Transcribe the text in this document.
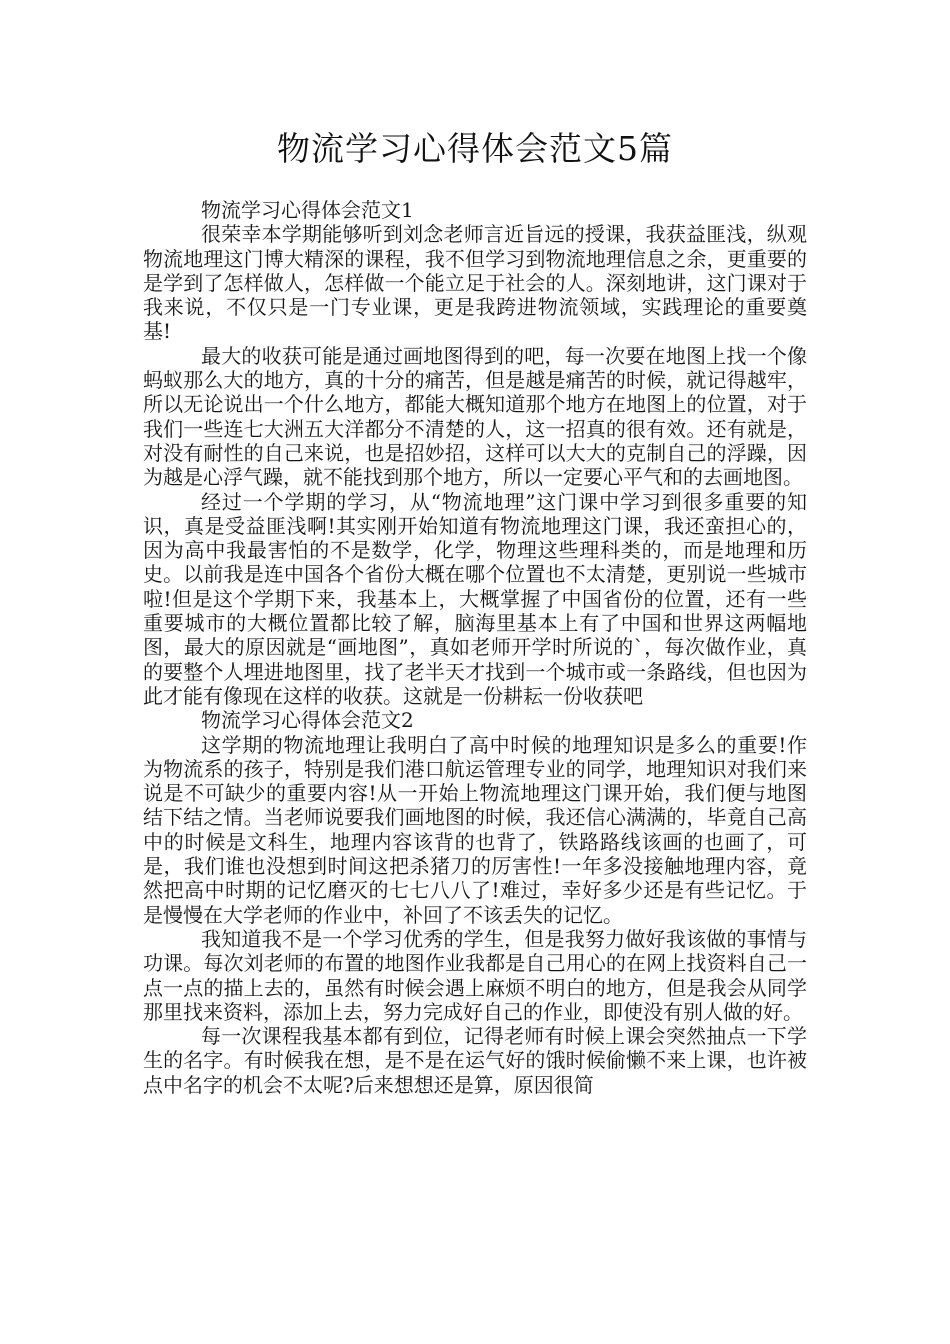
物流学习心得体会范文5篇

物流学习心得体会范文1

很荣幸本学期能够听到刘念老师言近旨远的授课，我获益匪浅，纵观物流地理这门博大精深的课程，我不但学习到物流地理信息之余，更重要的是学到了怎样做人，怎样做一个能立足于社会的人。深刻地讲，这门课对于我来说，不仅只是一门专业课，更是我跨进物流领域，实践理论的重要奠基!

最大的收获可能是通过画地图得到的吧，每一次要在地图上找一个像蚂蚁那么大的地方，真的十分的痛苦，但是越是痛苦的时候，就记得越牢，所以无论说出一个什么地方，都能大概知道那个地方在地图上的位置，对于我们一些连七大洲五大洋都分不清楚的人，这一招真的很有效。还有就是，对没有耐性的自己来说，也是招妙招，这样可以大大的克制自己的浮躁，因为越是心浮气躁，就不能找到那个地方，所以一定要心平气和的去画地图。

经过一个学期的学习，从“物流地理”这门课中学习到很多重要的知识，真是受益匪浅啊!其实刚开始知道有物流地理这门课，我还蛮担心的，因为高中我最害怕的不是数学，化学，物理这些理科类的，而是地理和历史。以前我是连中国各个省份大概在哪个位置也不太清楚，更别说一些城市啦!但是这个学期下来，我基本上，大概掌握了中国省份的位置，还有一些重要城市的大概位置都比较了解，脑海里基本上有了中国和世界这两幅地图，最大的原因就是“画地图”，真如老师开学时所说的`，每次做作业，真的要整个人埋进地图里，找了老半天才找到一个城市或一条路线，但也因为此才能有像现在这样的收获。这就是一份耕耘一份收获吧

物流学习心得体会范文2

这学期的物流地理让我明白了高中时候的地理知识是多么的重要!作为物流系的孩子，特别是我们港口航运管理专业的同学，地理知识对我们来说是不可缺少的重要内容!从一开始上物流地理这门课开始，我们便与地图结下结之情。当老师说要我们画地图的时候，我还信心满满的，毕竟自己高中的时候是文科生，地理内容该背的也背了，铁路路线该画的也画了，可是，我们谁也没想到时间这把杀猪刀的厉害性!一年多没接触地理内容，竟然把高中时期的记忆磨灭的七七八八了!难过，幸好多少还是有些记忆。于是慢慢在大学老师的作业中，补回了不该丢失的记忆。

我知道我不是一个学习优秀的学生，但是我努力做好我该做的事情与功课。每次刘老师的布置的地图作业我都是自己用心的在网上找资料自己一点一点的描上去的，虽然有时候会遇上麻烦不明白的地方，但是我会从同学那里找来资料，添加上去，努力完成好自己的作业，即使没有别人做的好。

每一次课程我基本都有到位，记得老师有时候上课会突然抽点一下学生的名字。有时候我在想，是不是在运气好的饿时候偷懒不来上课，也许被点中名字的机会不太呢?后来想想还是算，原因很简
